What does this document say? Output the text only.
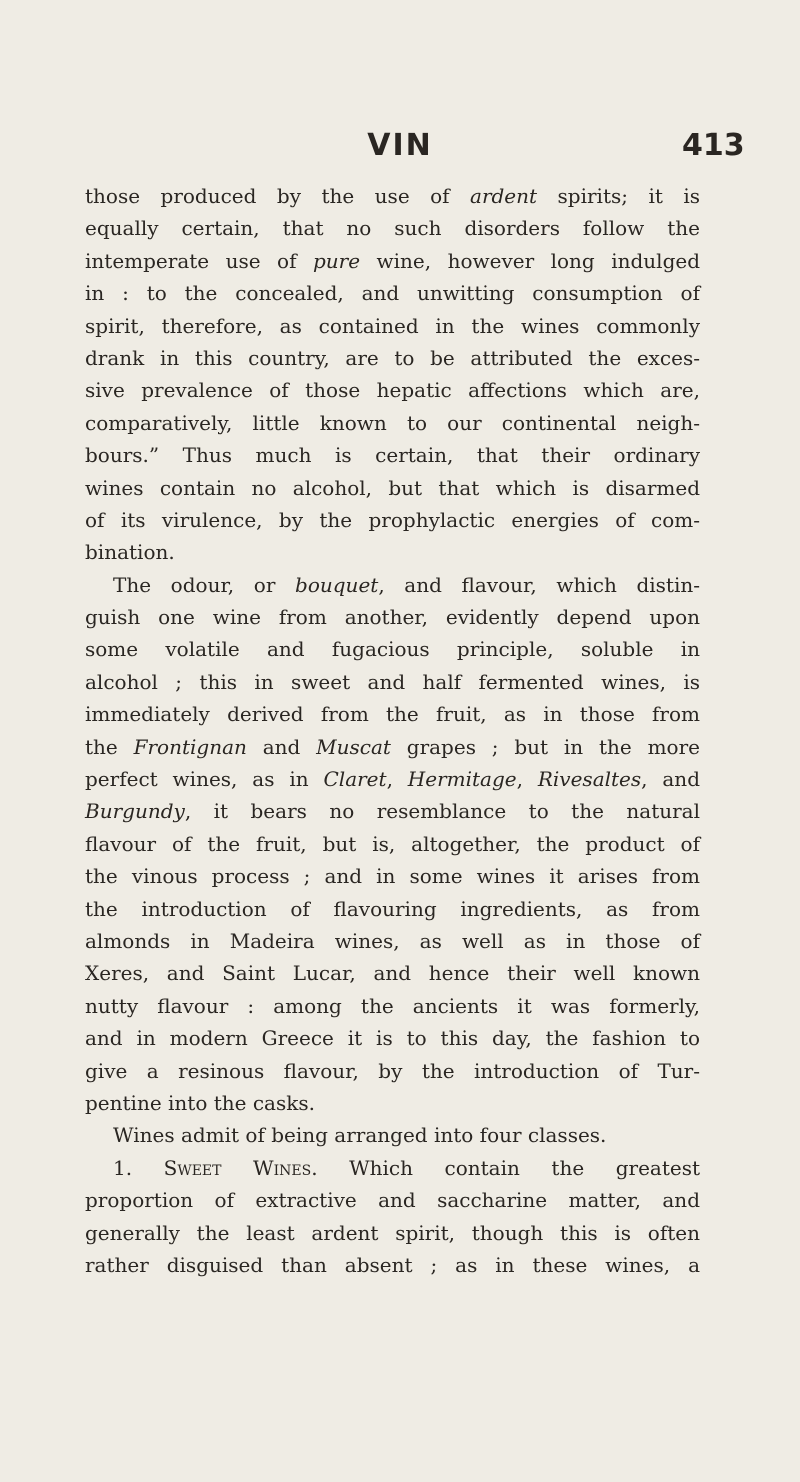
VIN	413
those produced by the use of ardent spirits; it is
equally certain, that no such disorders follow the
intemperate use of pure wine, however long indulged
in : to the concealed, and unwitting consumption of
spirit, therefore, as contained in the wines commonly
drank in this country, are to be attributed the exces-
sive prevalence of those hepatic affections which are,
comparatively, little known to our continental neigh-
bours.” Thus much is certain, that their ordinary
wines contain no alcohol, but that which is disarmed
of its virulence, by the prophylactic energies of com-
bination.
The odour, or bouquet, and flavour, which distin-
guish one wine from another, evidently depend upon
some volatile and fugacious principle, soluble in
alcohol ; this in sweet and half fermented wines, is
immediately derived from the fruit, as in those from
the Frontignan and Muscat grapes ; but in the more
perfect wines, as in Claret, Hermitage, Rivesaltes, and
Burgundy, it bears no resemblance to the natural
flavour of the fruit, but is, altogether, the product of
the vinous process ; and in some wines it arises from
the introduction of flavouring ingredients, as from
almonds in Madeira wines, as well as in those of
Xeres, and Saint Lucar, and hence their well known
nutty flavour : among the ancients it was formerly,
and in modern Greece it is to this day, the fashion to
give a resinous flavour, by the introduction of Tur-
pentine into the casks.
Wines admit of being arranged into four classes.
1. Sweet Wines. Which contain the greatest
proportion of extractive and saccharine matter, and
generally the least ardent spirit, though this is often
rather disguised than absent ; as in these wines, a
